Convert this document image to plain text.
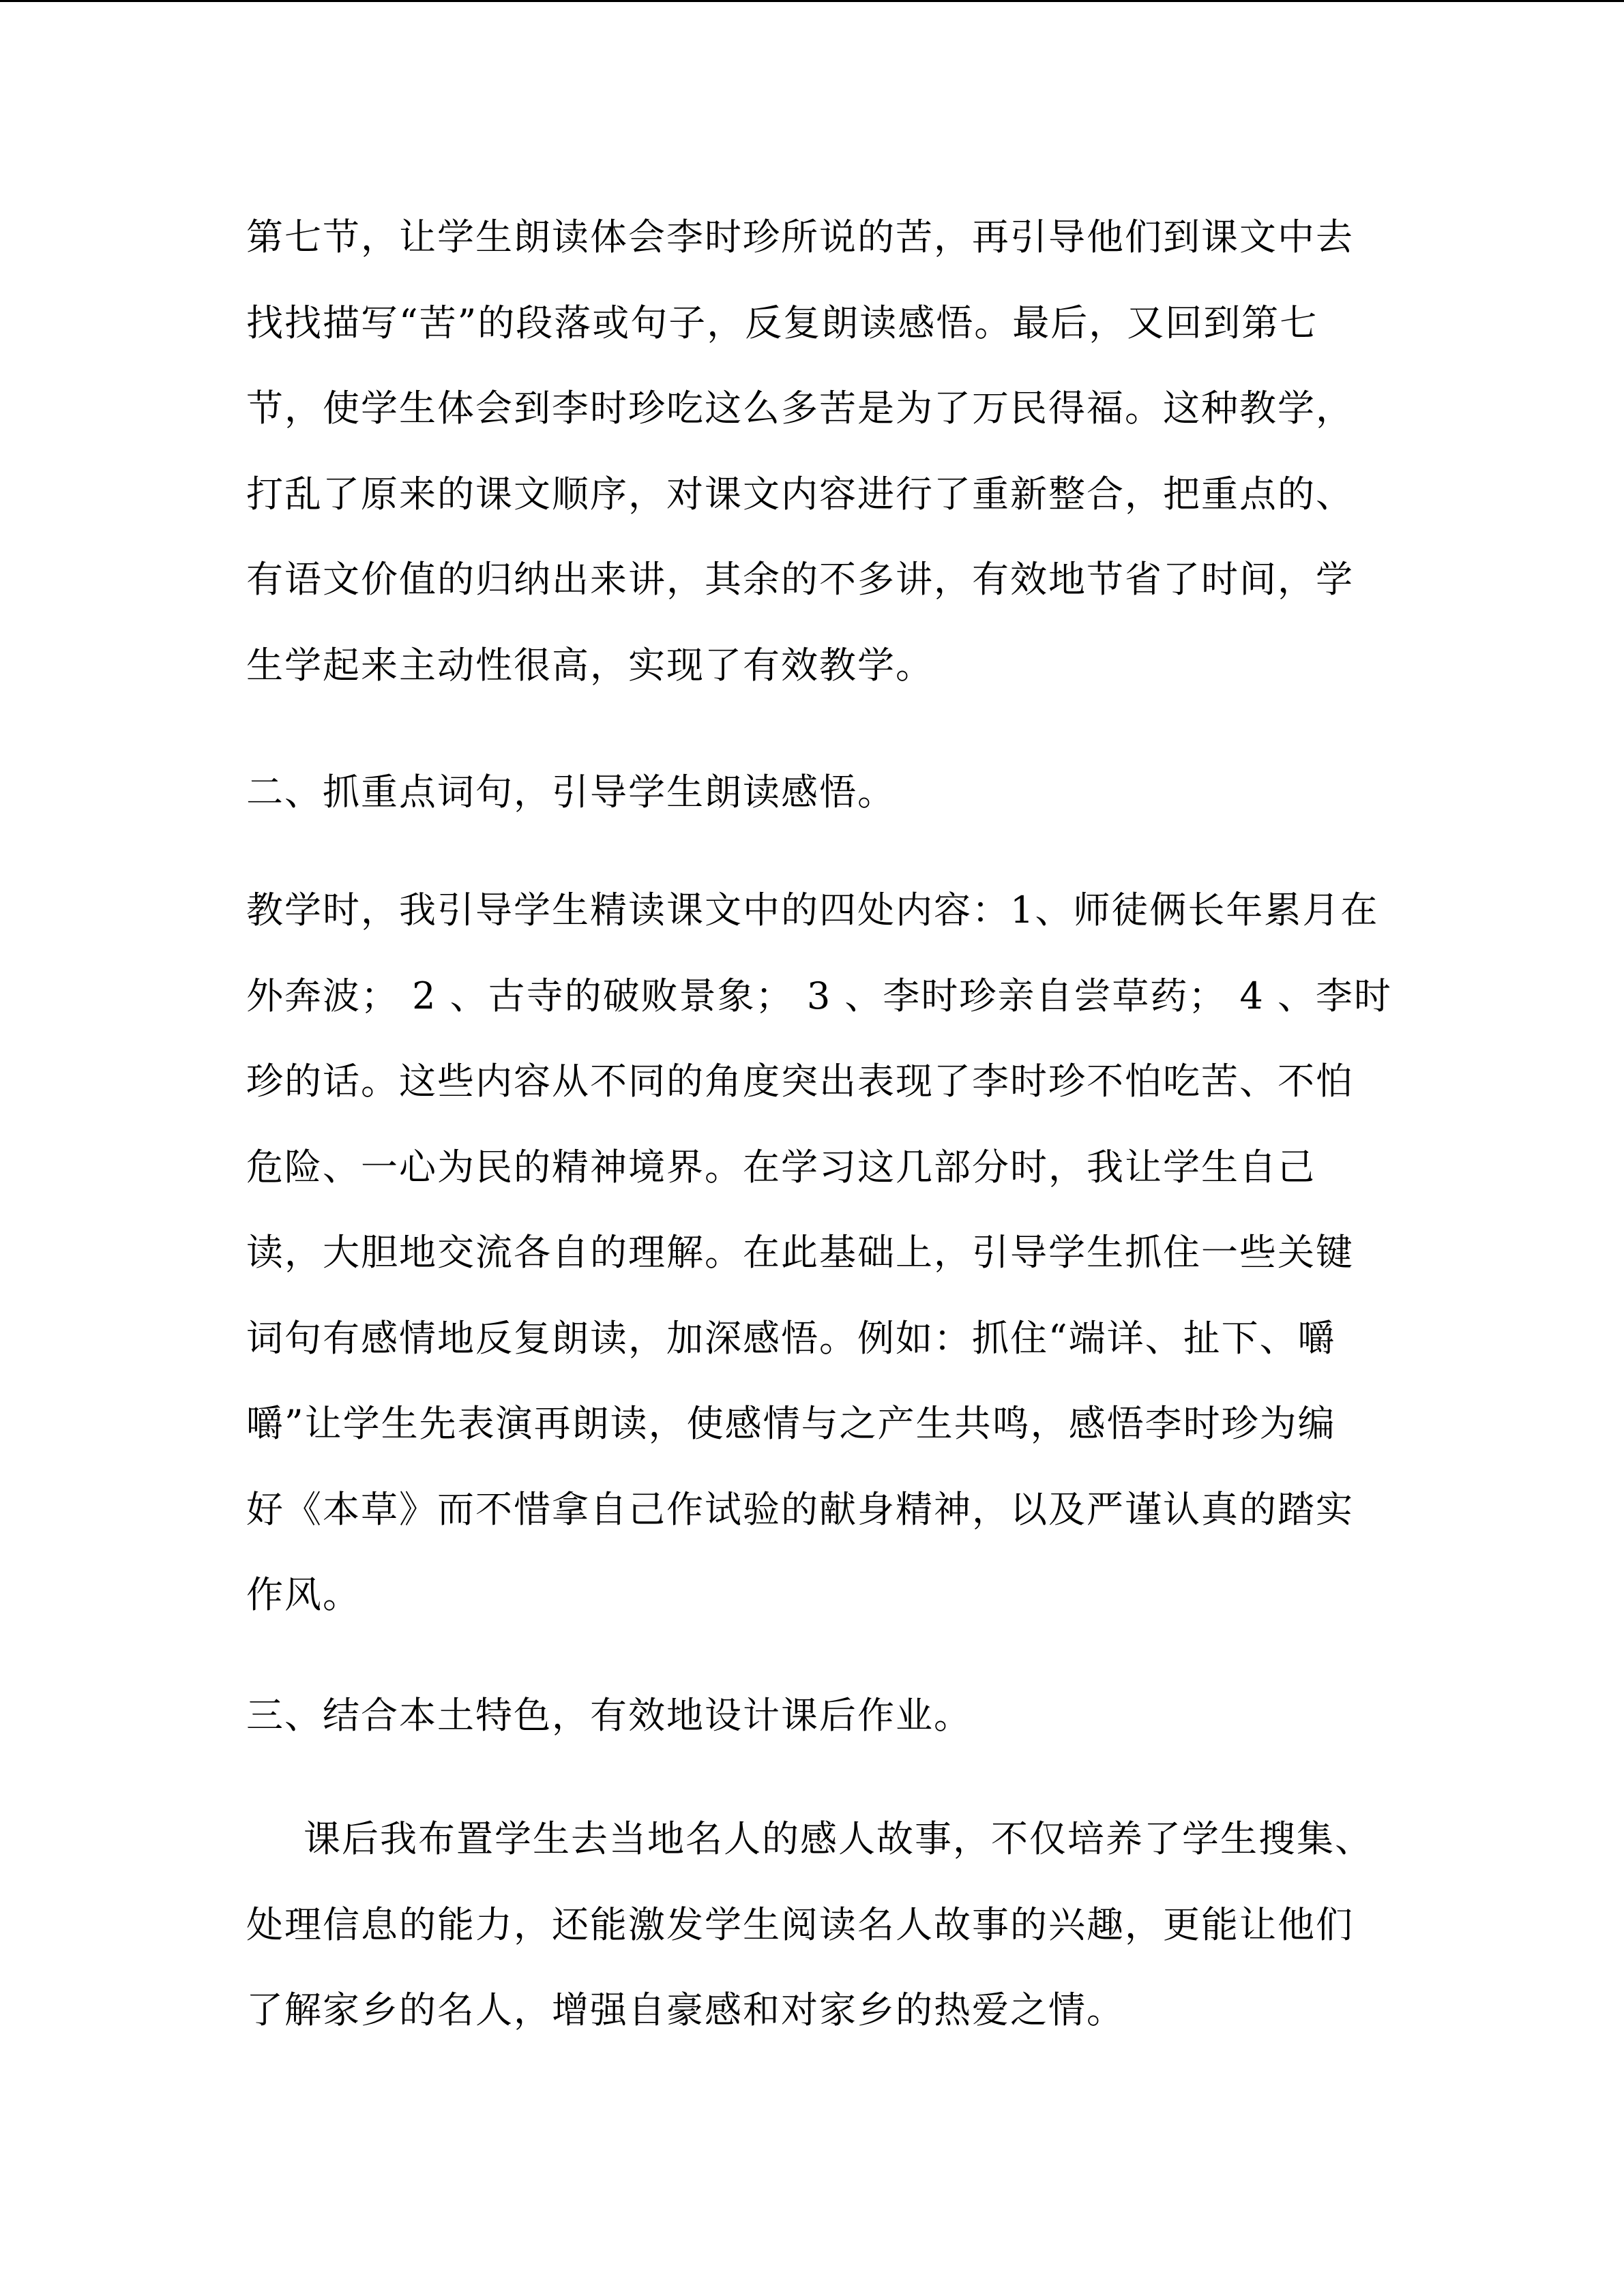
第七节，让学生朗读体会李时珍所说的苦，再引导他们到课文中去
找找描写“苦”的段落或句子，反复朗读感悟。最后，又回到第七
节，使学生体会到李时珍吃这么多苦是为了万民得福。这种教学，
打乱了原来的课文顺序，对课文内容进行了重新整合，把重点的、
有语文价值的归纳出来讲，其余的不多讲，有效地节省了时间，学
生学起来主动性很高，实现了有效教学。
二、抓重点词句，引导学生朗读感悟。
教学时，我引导学生精读课文中的四处内容：1、师徒俩长年累月在
外奔波； 2 、古寺的破败景象； 3 、李时珍亲自尝草药； 4 、李时
珍的话。这些内容从不同的角度突出表现了李时珍不怕吃苦、不怕
危险、一心为民的精神境界。在学习这几部分时，我让学生自己
读，大胆地交流各自的理解。在此基础上，引导学生抓住一些关键
词句有感情地反复朗读，加深感悟。例如：抓住“端详、扯下、嚼
嚼”让学生先表演再朗读，使感情与之产生共鸣，感悟李时珍为编
好《本草》而不惜拿自己作试验的献身精神，以及严谨认真的踏实
作风。
三、结合本土特色，有效地设计课后作业。
课后我布置学生去当地名人的感人故事，不仅培养了学生搜集、
处理信息的能力，还能激发学生阅读名人故事的兴趣，更能让他们
了解家乡的名人，增强自豪感和对家乡的热爱之情。
